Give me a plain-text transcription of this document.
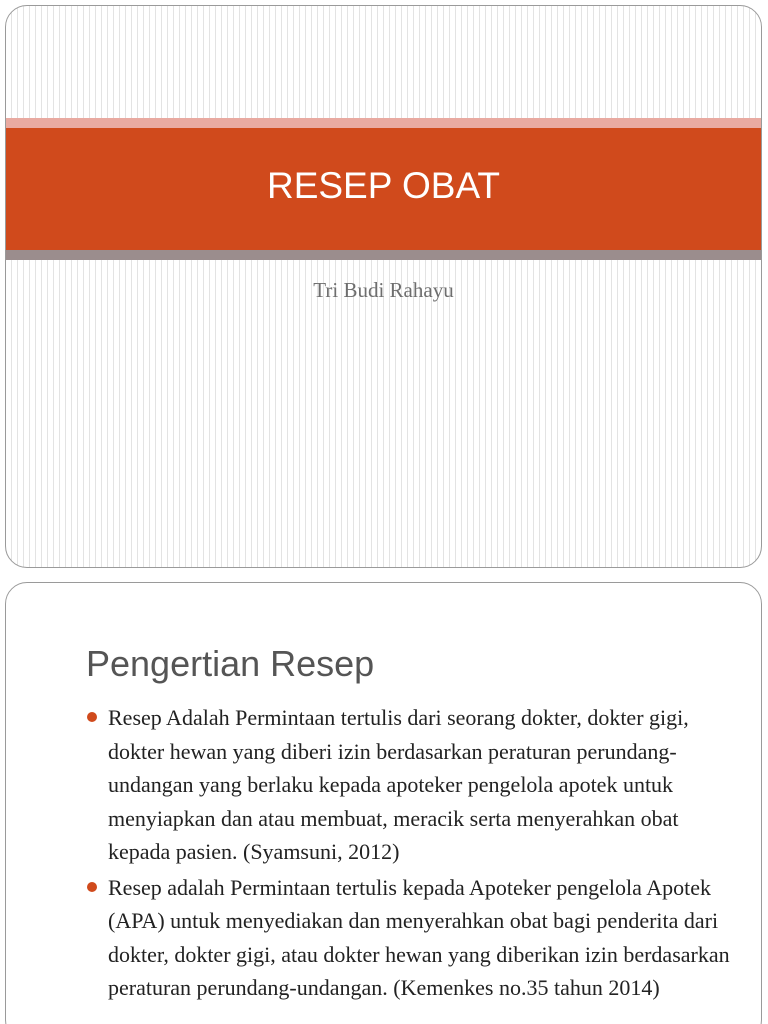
RESEP OBAT
Tri Budi Rahayu
Pengertian Resep
Resep Adalah Permintaan tertulis dari seorang dokter, dokter gigi, dokter hewan yang diberi izin berdasarkan peraturan perundang-undangan yang berlaku kepada apoteker pengelola apotek untuk menyiapkan dan atau membuat, meracik serta menyerahkan obat kepada pasien. (Syamsuni, 2012)
Resep adalah Permintaan tertulis kepada Apoteker pengelola Apotek (APA) untuk menyediakan dan menyerahkan obat bagi penderita dari dokter, dokter gigi, atau dokter hewan yang diberikan izin berdasarkan peraturan perundang-undangan. (Kemenkes no.35 tahun 2014)
